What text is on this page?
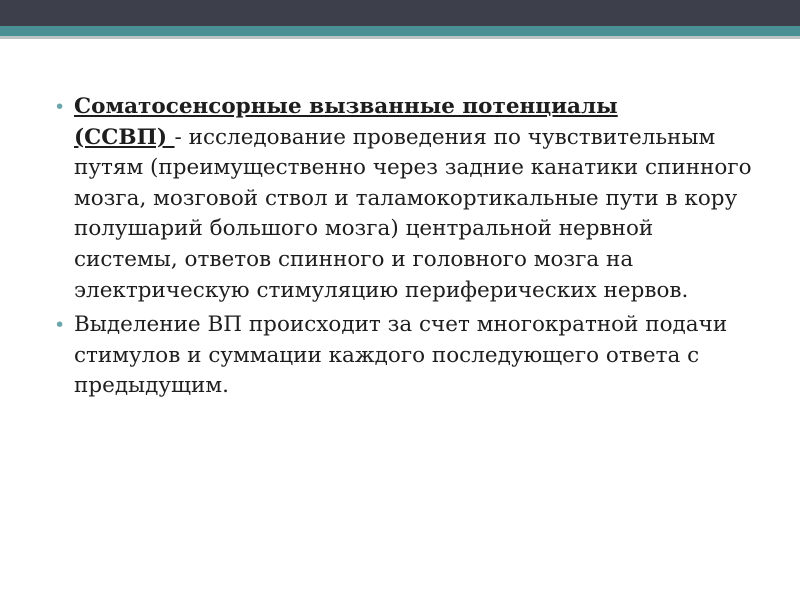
• Соматосенсорные вызванные потенциалы
(ССВП) - исследование проведения по чувствительным путям (преимущественно через задние канатики спинного мозга, мозговой ствол и таламокортикальные пути в кору полушарий большого мозга) центральной нервной системы, ответов спинного и головного мозга на электрическую стимуляцию периферических нервов.

• Выделение ВП происходит за счет многократной подачи стимулов и суммации каждого последующего ответа с предыдущим.
